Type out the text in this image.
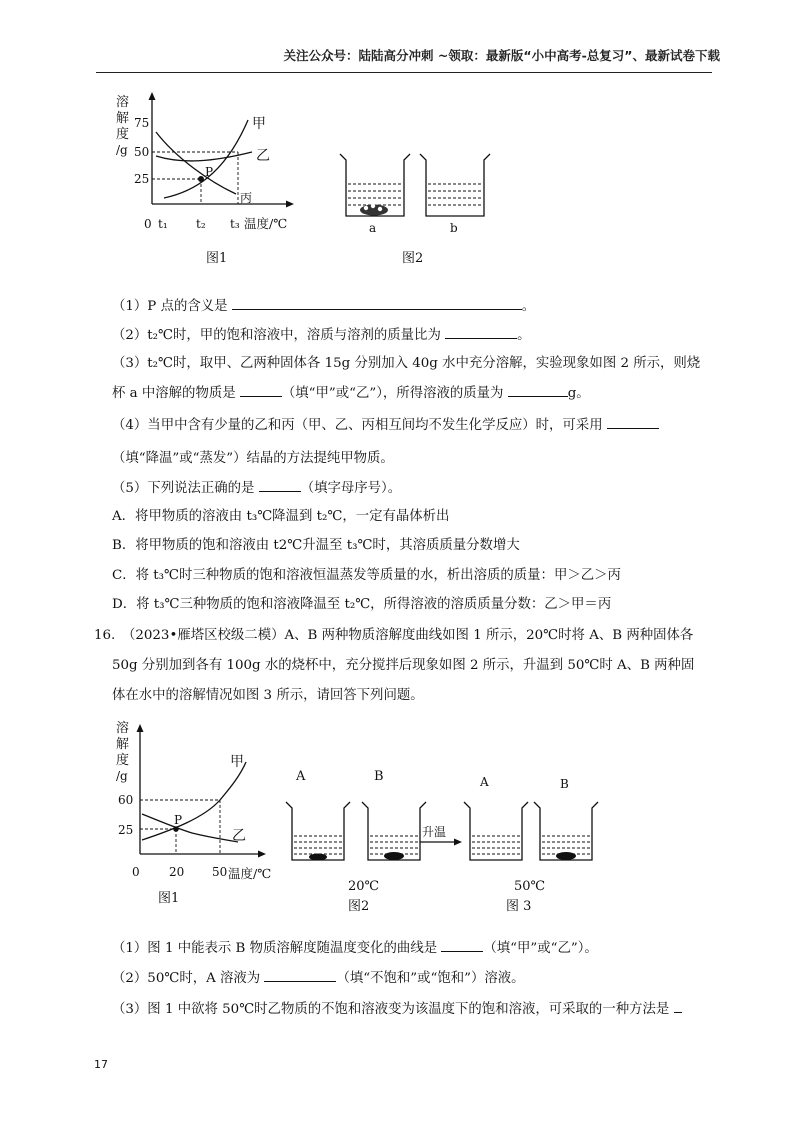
关注公众号：陆陆高分冲刺 ~领取：最新版“小中高考-总复习”、最新试卷下载
溶
解
度
/g
75
50
25	P
甲
乙
丙
0 t₁ t₂ t₃ 温度/℃
图1
a	b
图2
（1）P 点的含义是	。
（2）t₂℃时，甲的饱和溶液中，溶质与溶剂的质量比为	。
（3）t₂℃时，取甲、乙两种固体各 15g 分别加入 40g 水中充分溶解，实验现象如图 2 所示，则烧
杯 a 中溶解的物质是	（填“甲”或“乙”），所得溶液的质量为	g。
（4）当甲中含有少量的乙和丙（甲、乙、丙相互间均不发生化学反应）时，可采用
（填“降温”或“蒸发”）结晶的方法提纯甲物质。
（5）下列说法正确的是	（填字母序号）。
A．将甲物质的溶液由 t₃℃降温到 t₂℃，一定有晶体析出
B．将甲物质的饱和溶液由 t2℃升温至 t₃℃时，其溶质质量分数增大
C．将 t₃℃时三种物质的饱和溶液恒温蒸发等质量的水，析出溶质的质量：甲＞乙＞丙
D．将 t₃℃三种物质的饱和溶液降温至 t₂℃，所得溶液的溶质质量分数：乙＞甲＝丙
16.　（2023•雁塔区校级二模）A、B 两种物质溶解度曲线如图 1 所示，20℃时将 A、B 两种固体各
50g 分别加到各有 100g 水的烧杯中，充分搅拌后现象如图 2 所示，升温到 50℃时 A、B 两种固
体在水中的溶解情况如图 3 所示，请回答下列问题。
溶
解
度
/g
60
25
P
甲
乙
0 20 50 温度/℃
图1
A	B	A	B
升温
20℃	50℃
图2	图 3
（1）图 1 中能表示 B 物质溶解度随温度变化的曲线是	（填“甲”或“乙”）。
（2）50℃时，A 溶液为	（填“不饱和”或“饱和”）溶液。
（3）图 1 中欲将 50℃时乙物质的不饱和溶液变为该温度下的饱和溶液，可采取的一种方法是
17
